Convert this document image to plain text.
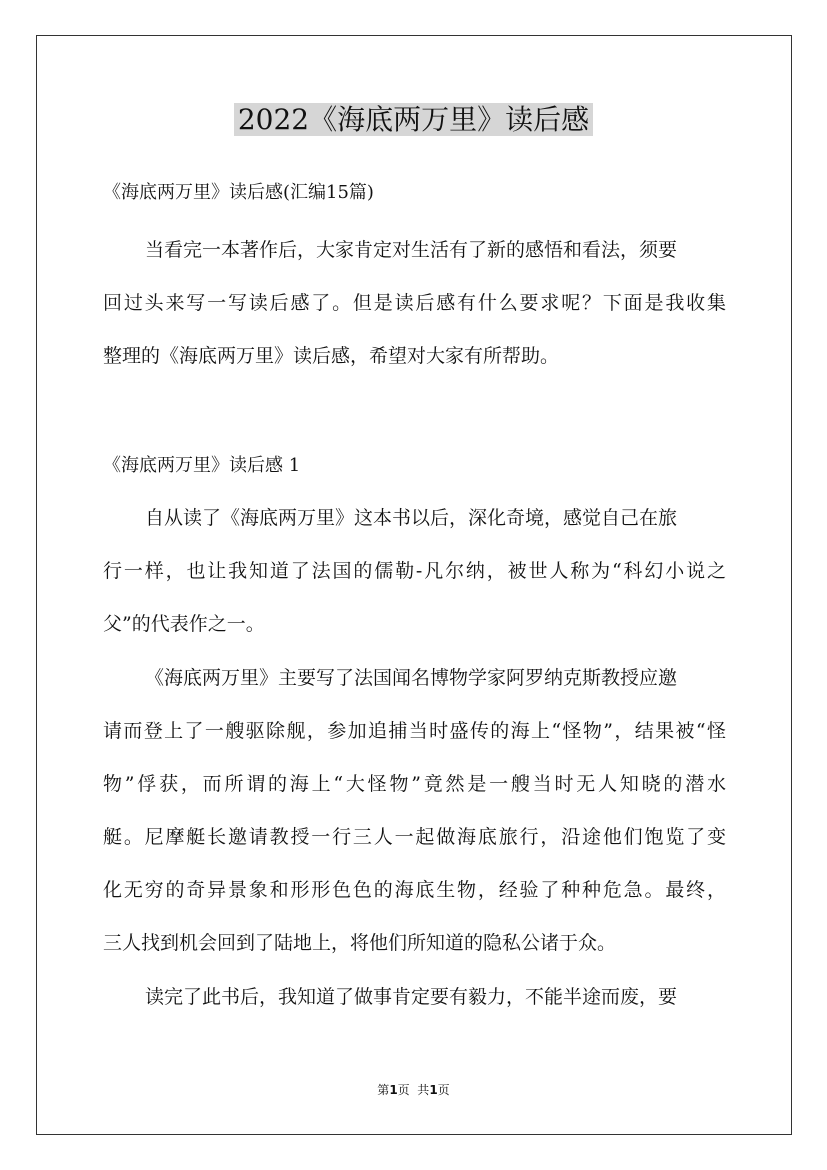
2022《海底两万里》读后感
《海底两万里》读后感(汇编15篇)
当看完一本著作后，大家肯定对生活有了新的感悟和看法，须要
回过头来写一写读后感了。但是读后感有什么要求呢？下面是我收集
整理的《海底两万里》读后感，希望对大家有所帮助。
《海底两万里》读后感 1
自从读了《海底两万里》这本书以后，深化奇境，感觉自己在旅
行一样，也让我知道了法国的儒勒-凡尔纳，被世人称为“科幻小说之
父”的代表作之一。
《海底两万里》主要写了法国闻名博物学家阿罗纳克斯教授应邀
请而登上了一艘驱除舰，参加追捕当时盛传的海上“怪物”，结果被“怪
物”俘获，而所谓的海上“大怪物”竟然是一艘当时无人知晓的潜水
艇。尼摩艇长邀请教授一行三人一起做海底旅行，沿途他们饱览了变
化无穷的奇异景象和形形色色的海底生物，经验了种种危急。最终，
三人找到机会回到了陆地上，将他们所知道的隐私公诸于众。
读完了此书后，我知道了做事肯定要有毅力，不能半途而废，要
第1页  共1页
